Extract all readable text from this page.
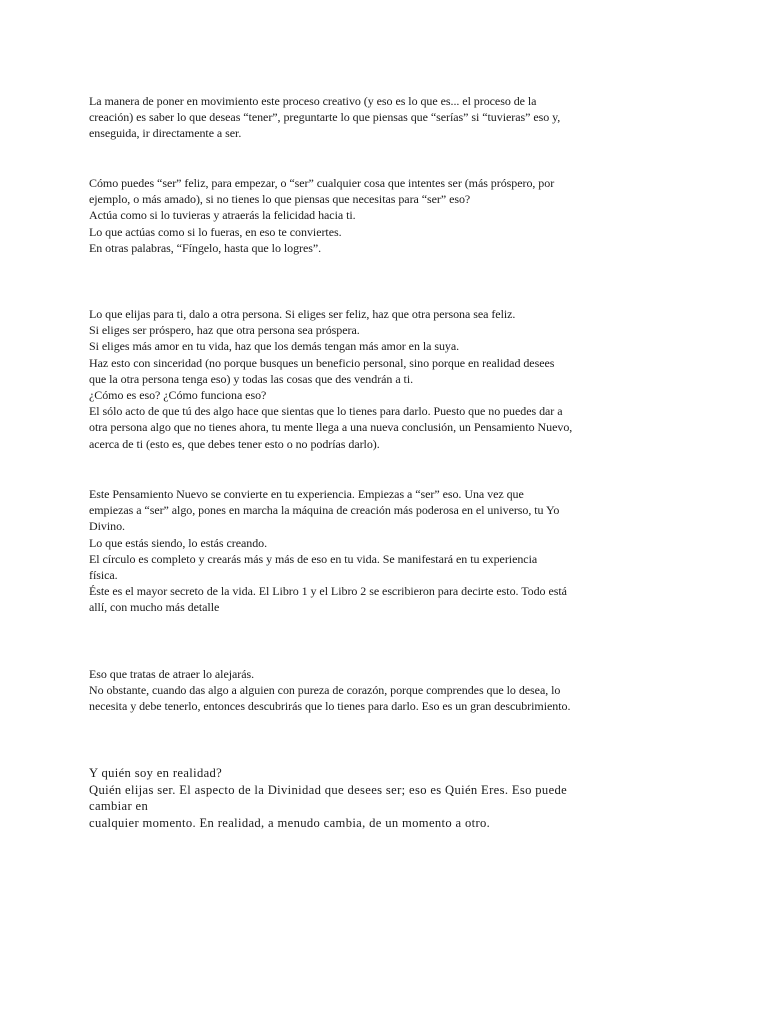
La manera de poner en movimiento este proceso creativo (y eso es lo que es... el proceso de la
creación) es saber lo que deseas “tener”, preguntarte lo que piensas que “serías” si “tuvieras” eso y,
enseguida, ir directamente a ser.
Cómo puedes “ser” feliz, para empezar, o “ser” cualquier cosa que intentes ser (más próspero, por
ejemplo, o más amado), si no tienes lo que piensas que necesitas para “ser” eso?
Actúa como si lo tuvieras y atraerás la felicidad hacia ti.
Lo que actúas como si lo fueras, en eso te conviertes.
En otras palabras, “Fíngelo, hasta que lo logres”.
Lo que elijas para ti, dalo a otra persona. Si eliges ser feliz, haz que otra persona sea feliz.
Si eliges ser próspero, haz que otra persona sea próspera.
Si eliges más amor en tu vida, haz que los demás tengan más amor en la suya.
Haz esto con sinceridad (no porque busques un beneficio personal, sino porque en realidad desees
que la otra persona tenga eso) y todas las cosas que des vendrán a ti.
¿Cómo es eso? ¿Cómo funciona eso?
El sólo acto de que tú des algo hace que sientas que lo tienes para darlo. Puesto que no puedes dar a
otra persona algo que no tienes ahora, tu mente llega a una nueva conclusión, un Pensamiento Nuevo,
acerca de ti (esto es, que debes tener esto o no podrías darlo).
Este Pensamiento Nuevo se convierte en tu experiencia. Empiezas a “ser” eso. Una vez que
empiezas a “ser” algo, pones en marcha la máquina de creación más poderosa en el universo, tu Yo
Divino.
Lo que estás siendo, lo estás creando.
El círculo es completo y crearás más y más de eso en tu vida. Se manifestará en tu experiencia
física.
Éste es el mayor secreto de la vida. El Libro 1 y el Libro 2 se escribieron para decirte esto. Todo está
allí, con mucho más detalle
Eso que tratas de atraer lo alejarás.
No obstante, cuando das algo a alguien con pureza de corazón, porque comprendes que lo desea, lo
necesita y debe tenerlo, entonces descubrirás que lo tienes para darlo. Eso es un gran descubrimiento.
Y quién soy en realidad?
Quién elijas ser. El aspecto de la Divinidad que desees ser; eso es Quién Eres. Eso puede
cambiar en
cualquier momento. En realidad, a menudo cambia, de un momento a otro.
